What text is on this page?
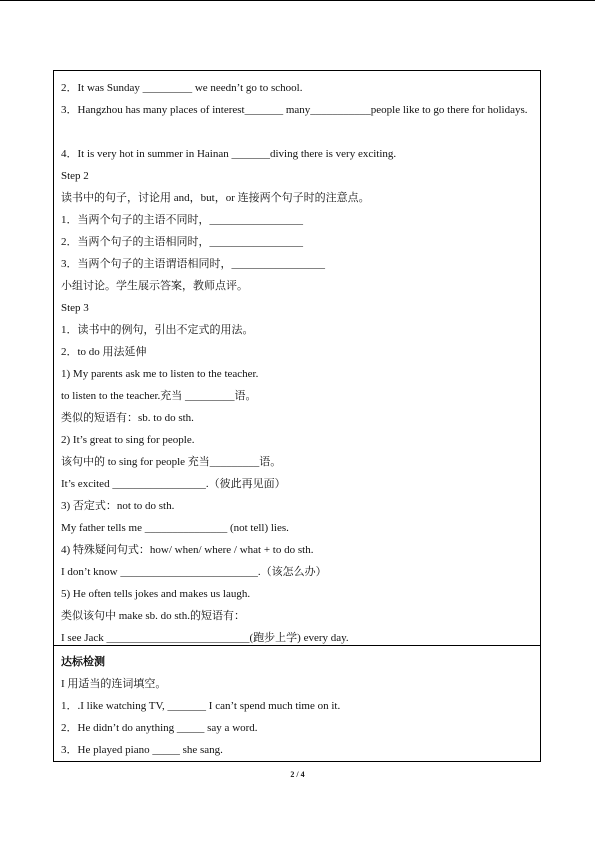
2．It was Sunday _________ we needn’t go to school.
3．Hangzhou has many places of interest_______ many___________people like to go there for holidays.
4．It is very hot in summer in Hainan _______diving there is very exciting.
Step 2
读书中的句子，讨论用 and，but，or 连接两个句子时的注意点。
1．当两个句子的主语不同时，_________________
2．当两个句子的主语相同时，_________________
3．当两个句子的主语谓语相同时，_________________
小组讨论。学生展示答案，教师点评。
Step 3
1．读书中的例句，引出不定式的用法。
2．to do 用法延伸
1) My parents ask me to listen to the teacher.
to listen to the teacher.充当 _________语。
类似的短语有：sb. to do sth.
2) It’s great to sing for people.
该句中的 to sing for people 充当_________语。
It’s excited _________________.（彼此再见面）
3) 否定式：not to do sth.
My father tells me _______________ (not tell) lies.
4) 特殊疑问句式：how/ when/ where / what + to do sth.
I don’t know _________________________.（该怎么办）
5) He often tells jokes and makes us laugh.
类似该句中 make sb. do sth.的短语有：
I see Jack __________________________(跑步上学) every day.
达标检测
I 用适当的连词填空。
1．.I like watching TV, _______ I can’t spend much time on it.
2．He didn’t do anything _____ say a word.
3．He played piano _____ she sang.
2 / 4
